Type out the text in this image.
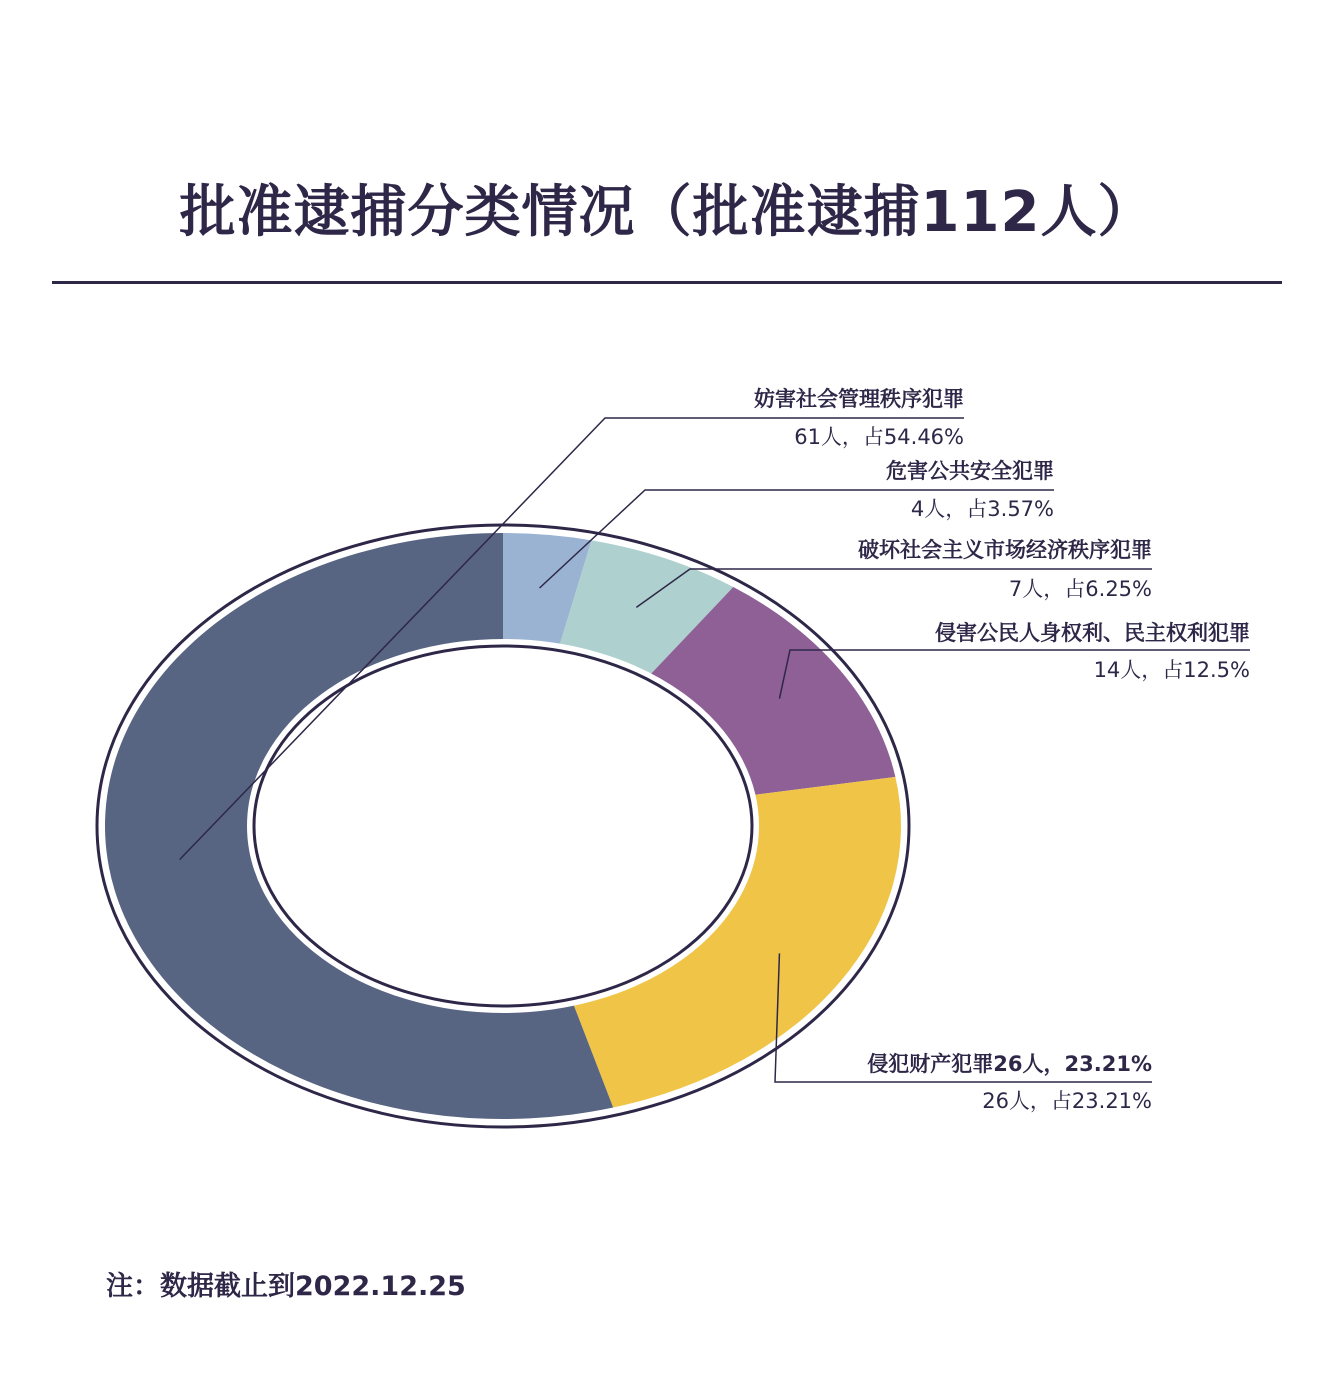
批准逮捕分类情况（批准逮捕112人）
妨害社会管理秩序犯罪
61人，占54.46%
危害公共安全犯罪
4人，占3.57%
破坏社会主义市场经济秩序犯罪
7人，占6.25%
侵害公民人身权利、民主权利犯罪
14人，占12.5%
侵犯财产犯罪26人，23.21%
26人，占23.21%
注：数据截止到2022.12.25
